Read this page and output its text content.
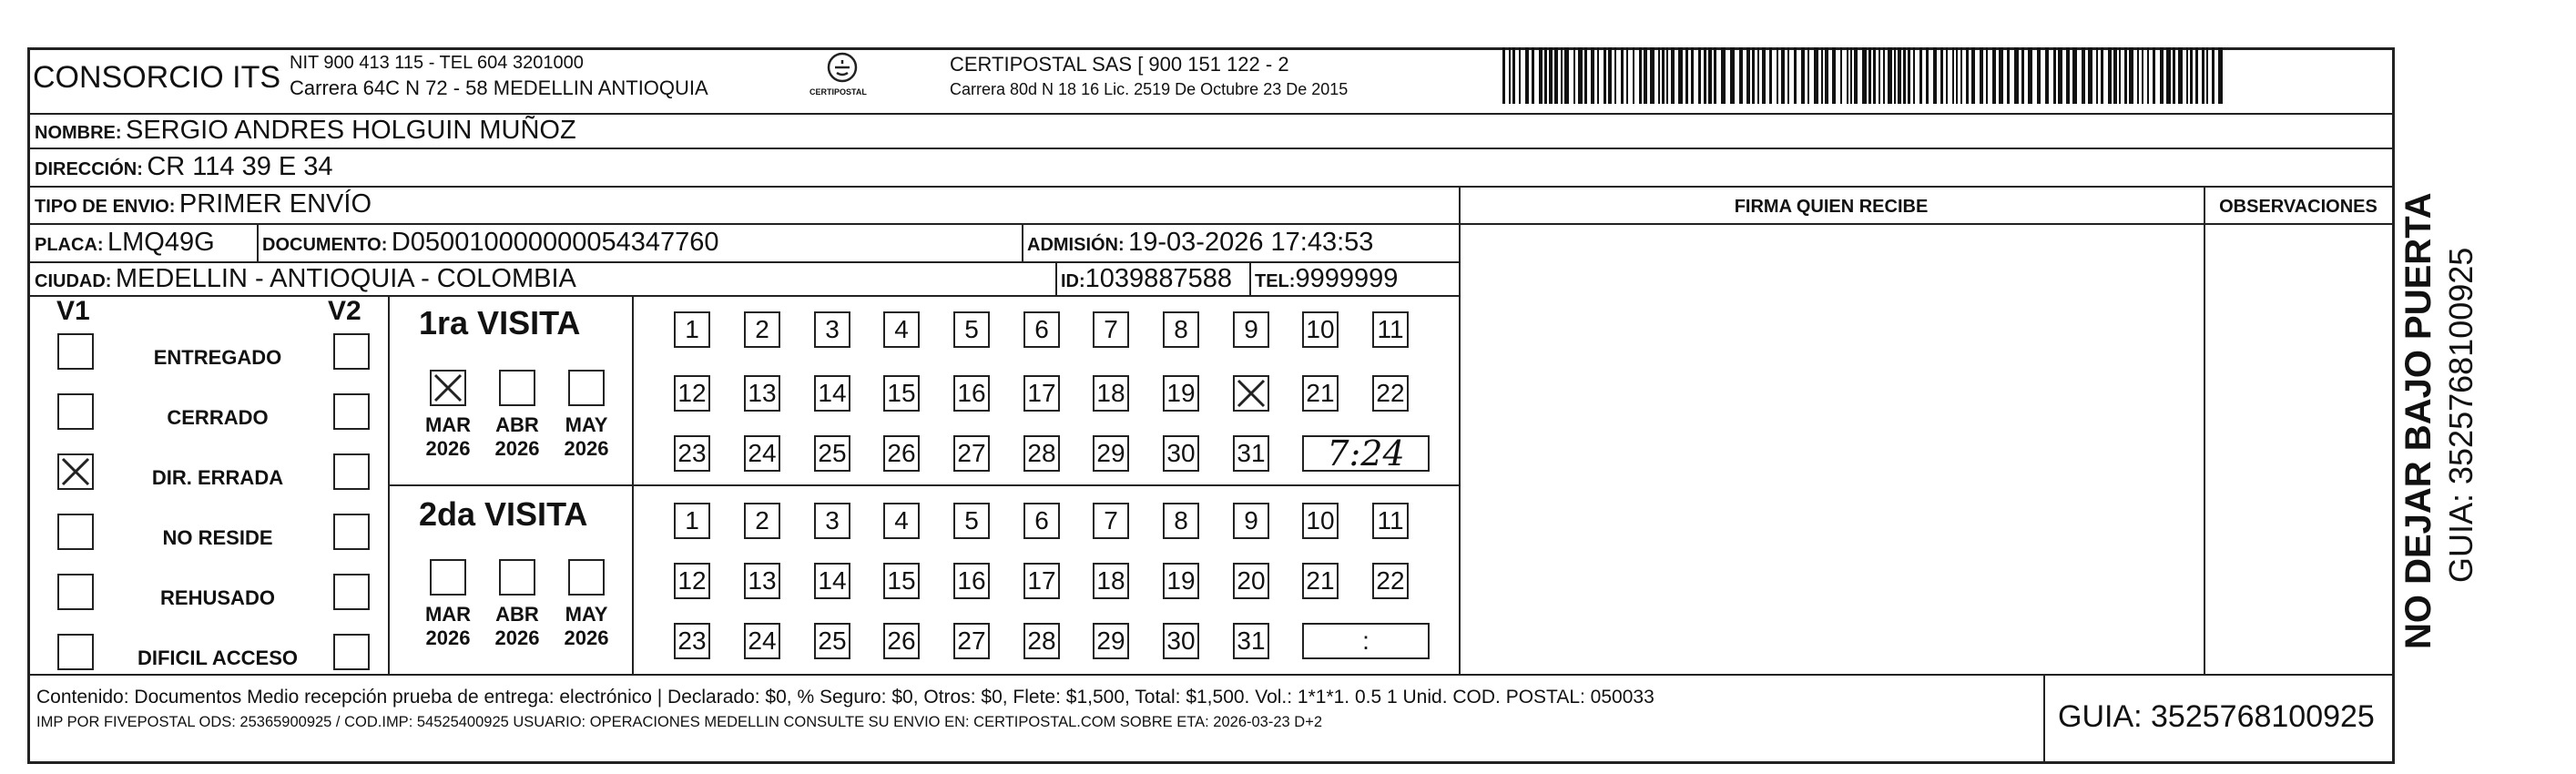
CONSORCIO ITS NIT 900 413 115 - TEL 604 3201000
Carrera 64C N 72 - 58 MEDELLIN ANTIOQUIA	CERTIPOSTAL
CERTIPOSTAL SAS [ 900 151 122 - 2
Carrera 80d N 18 16 Lic. 2519 De Octubre 23 De 2015
NOMBRE: SERGIO ANDRES HOLGUIN MUÑOZ
DIRECCIÓN: CR 114 39 E 34
TIPO DE ENVIO: PRIMER ENVÍO
PLACA: LMQ49G	DOCUMENTO: D050010000000054347760	ADMISIÓN: 19-03-2026 17:43:53
CIUDAD: MEDELLIN - ANTIOQUIA - COLOMBIA	ID:1039887588 TEL:9999999
FIRMA QUIEN RECIBE	OBSERVACIONES
V1	V2
ENTREGADO
CERRADO
DIR. ERRADA
NO RESIDE
REHUSADO
DIFICIL ACCESO
1ra VISITA
2da VISITA
1	2	3	4	5	6	7	8	9	10 11
12 13 14 15 16 17 18 19	21 22
23 24 25 26 27 28 29 30 31	7:24
1	2	3	4	5	6	7	8	9	10 11
12 13 14 15 16 17 18 19 20 21 22
23 24 25 26 27 28 29 30 31	:
MAR
2026
ABR
2026
MAY
2026
MAR
2026
ABR
2026
MAY
2026
Contenido: Documentos Medio recepción prueba de entrega: electrónico | Declarado: $0, % Seguro: $0, Otros: $0, Flete: $1,500, Total: $1,500. Vol.: 1*1*1. 0.5 1 Unid. COD. POSTAL: 050033
IMP POR FIVEPOSTAL ODS: 25365900925 / COD.IMP: 54525400925 USUARIO: OPERACIONES MEDELLIN CONSULTE SU ENVIO EN: CERTIPOSTAL.COM SOBRE ETA: 2026-03-23 D+2	GUIA: 3525768100925
NO DEJAR BAJO PUERTA GUIA: 3525768100925
